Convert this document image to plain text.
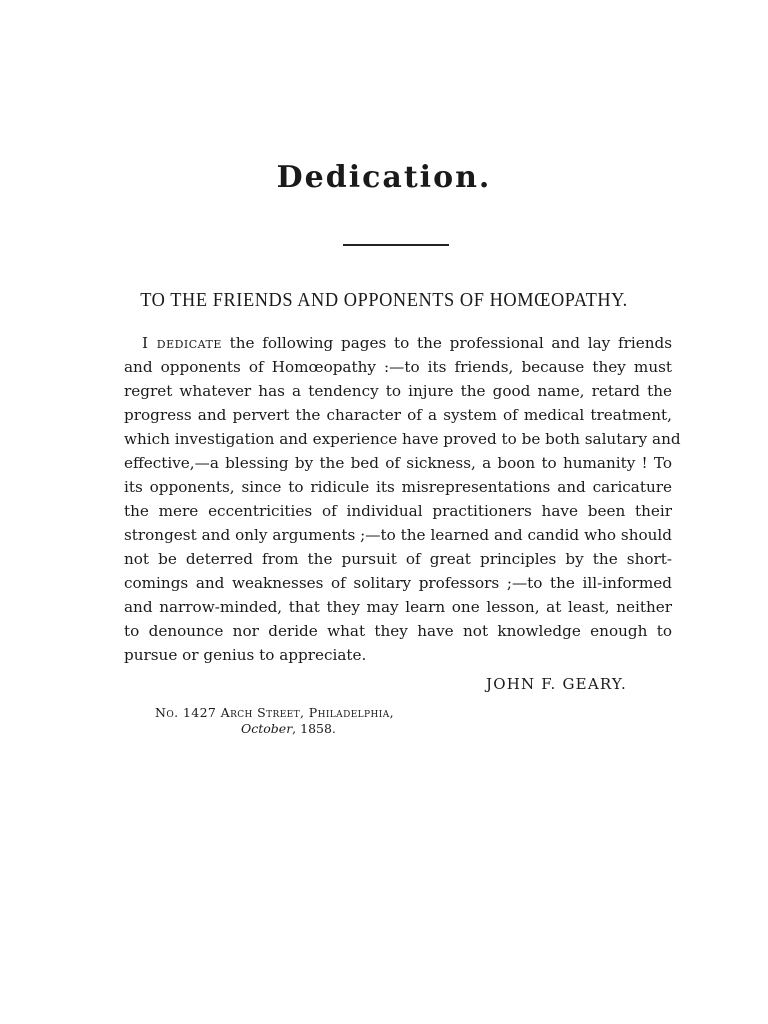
Dedication.
TO THE FRIENDS AND OPPONENTS OF HOMŒOPATHY.
I dedicate the following pages to the professional and lay friends
and opponents of Homœopathy :—to its friends, because they must
regret whatever has a tendency to injure the good name, retard the
progress and pervert the character of a system of medical treatment,
which investigation and experience have proved to be both salutary and
effective,—a blessing by the bed of sickness, a boon to humanity ! To
its opponents, since to ridicule its misrepresentations and caricature
the mere eccentricities of individual practitioners have been their
strongest and only arguments ;—to the learned and candid who should
not be deterred from the pursuit of great principles by the short-
comings and weaknesses of solitary professors ;—to the ill-informed
and narrow-minded, that they may learn one lesson, at least, neither
to denounce nor deride what they have not knowledge enough to
pursue or genius to appreciate.
JOHN F. GEARY.
No. 1427 Arch Street, Philadelphia,
October, 1858.
